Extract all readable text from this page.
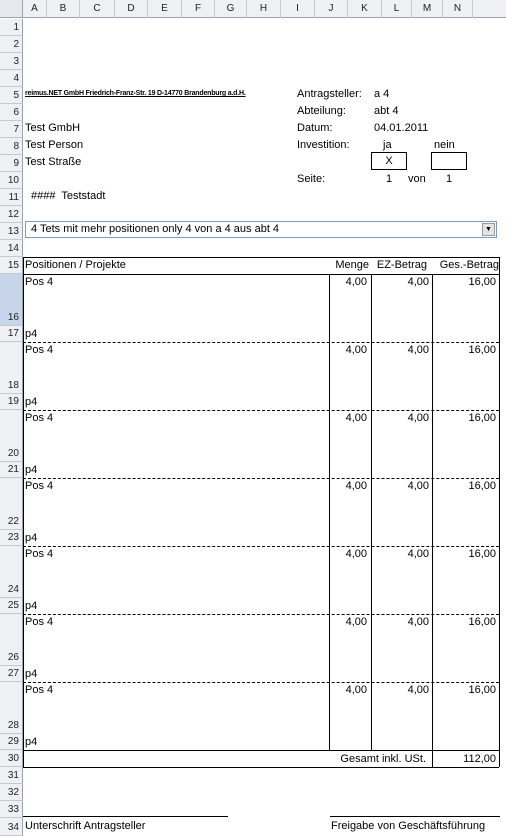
A	B	C	D	E	F	G	H	I	J	K	L	M	N
1
2
3
4
5
6
7
8
9
10
11
12
13
14
15
16
17
18
19
20
21
22
23
24
25
26
27
28
29
30
31
32
33
34
reimus.NET GmbH Friedrich-Franz-Str. 19 D-14770 Brandenburg a.d.H.
Test GmbH
Test Person
Test Straße
####  Teststadt
Antragsteller: a 4
Abteilung:	abt 4
Datum:	04.01.2011
Investition:	ja	nein
X
Seite:	1 von 1
4 Tets mit mehr positionen only 4 von a 4 aus abt 4	▼
Positionen / Projekte	Menge EZ-Betrag Ges.-Betrag
Pos 4	4,00	4,00	16,00
p4
Pos 4	4,00	4,00	16,00
p4
Pos 4	4,00	4,00	16,00
p4
Pos 4	4,00	4,00	16,00
p4
Pos 4	4,00	4,00	16,00
p4
Pos 4	4,00	4,00	16,00
p4
Pos 4	4,00	4,00	16,00
p4
Gesamt inkl. USt.	112,00
Unterschrift Antragsteller	Freigabe von Geschäftsführung
